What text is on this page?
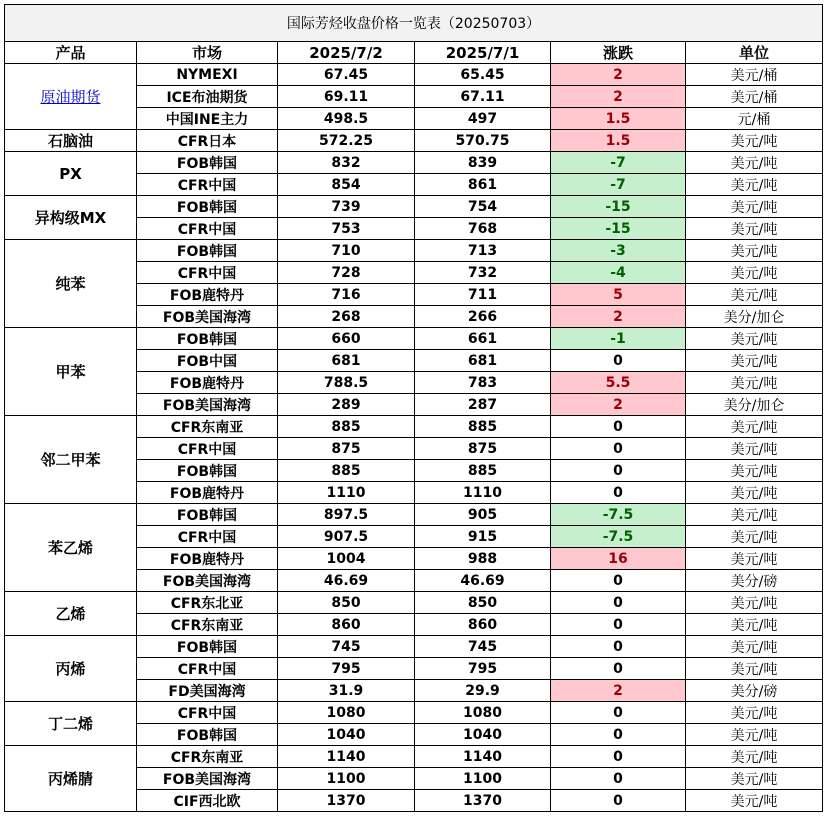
国际芳烃收盘价格一览表（20250703）					
产品	市场	2025/7/2	2025/7/1	涨跌	单位
原油期货	NYMEXI	67.45	65.45	2	美元/桶
	ICE布油期货	69.11	67.11	2	美元/桶
	中国INE主力	498.5	497	1.5	元/桶
石脑油	CFR日本	572.25	570.75	1.5	美元/吨
PX	FOB韩国	832	839	-7	美元/吨
	CFR中国	854	861	-7	美元/吨
异构级MX	FOB韩国	739	754	-15	美元/吨
	CFR中国	753	768	-15	美元/吨
纯苯	FOB韩国	710	713	-3	美元/吨
	CFR中国	728	732	-4	美元/吨
	FOB鹿特丹	716	711	5	美元/吨
	FOB美国海湾	268	266	2	美分/加仑
甲苯	FOB韩国	660	661	-1	美元/吨
	FOB中国	681	681	0	美元/吨
	FOB鹿特丹	788.5	783	5.5	美元/吨
	FOB美国海湾	289	287	2	美分/加仑
邻二甲苯	CFR东南亚	885	885	0	美元/吨
	CFR中国	875	875	0	美元/吨
	FOB韩国	885	885	0	美元/吨
	FOB鹿特丹	1110	1110	0	美元/吨
苯乙烯	FOB韩国	897.5	905	-7.5	美元/吨
	CFR中国	907.5	915	-7.5	美元/吨
	FOB鹿特丹	1004	988	16	美元/吨
	FOB美国海湾	46.69	46.69	0	美分/磅
乙烯	CFR东北亚	850	850	0	美元/吨
	CFR东南亚	860	860	0	美元/吨
丙烯	FOB韩国	745	745	0	美元/吨
	CFR中国	795	795	0	美元/吨
	FD美国海湾	31.9	29.9	2	美分/磅
丁二烯	CFR中国	1080	1080	0	美元/吨
	FOB韩国	1040	1040	0	美元/吨
丙烯腈	CFR东南亚	1140	1140	0	美元/吨
	FOB美国海湾	1100	1100	0	美元/吨
	CIF西北欧	1370	1370	0	美元/吨
